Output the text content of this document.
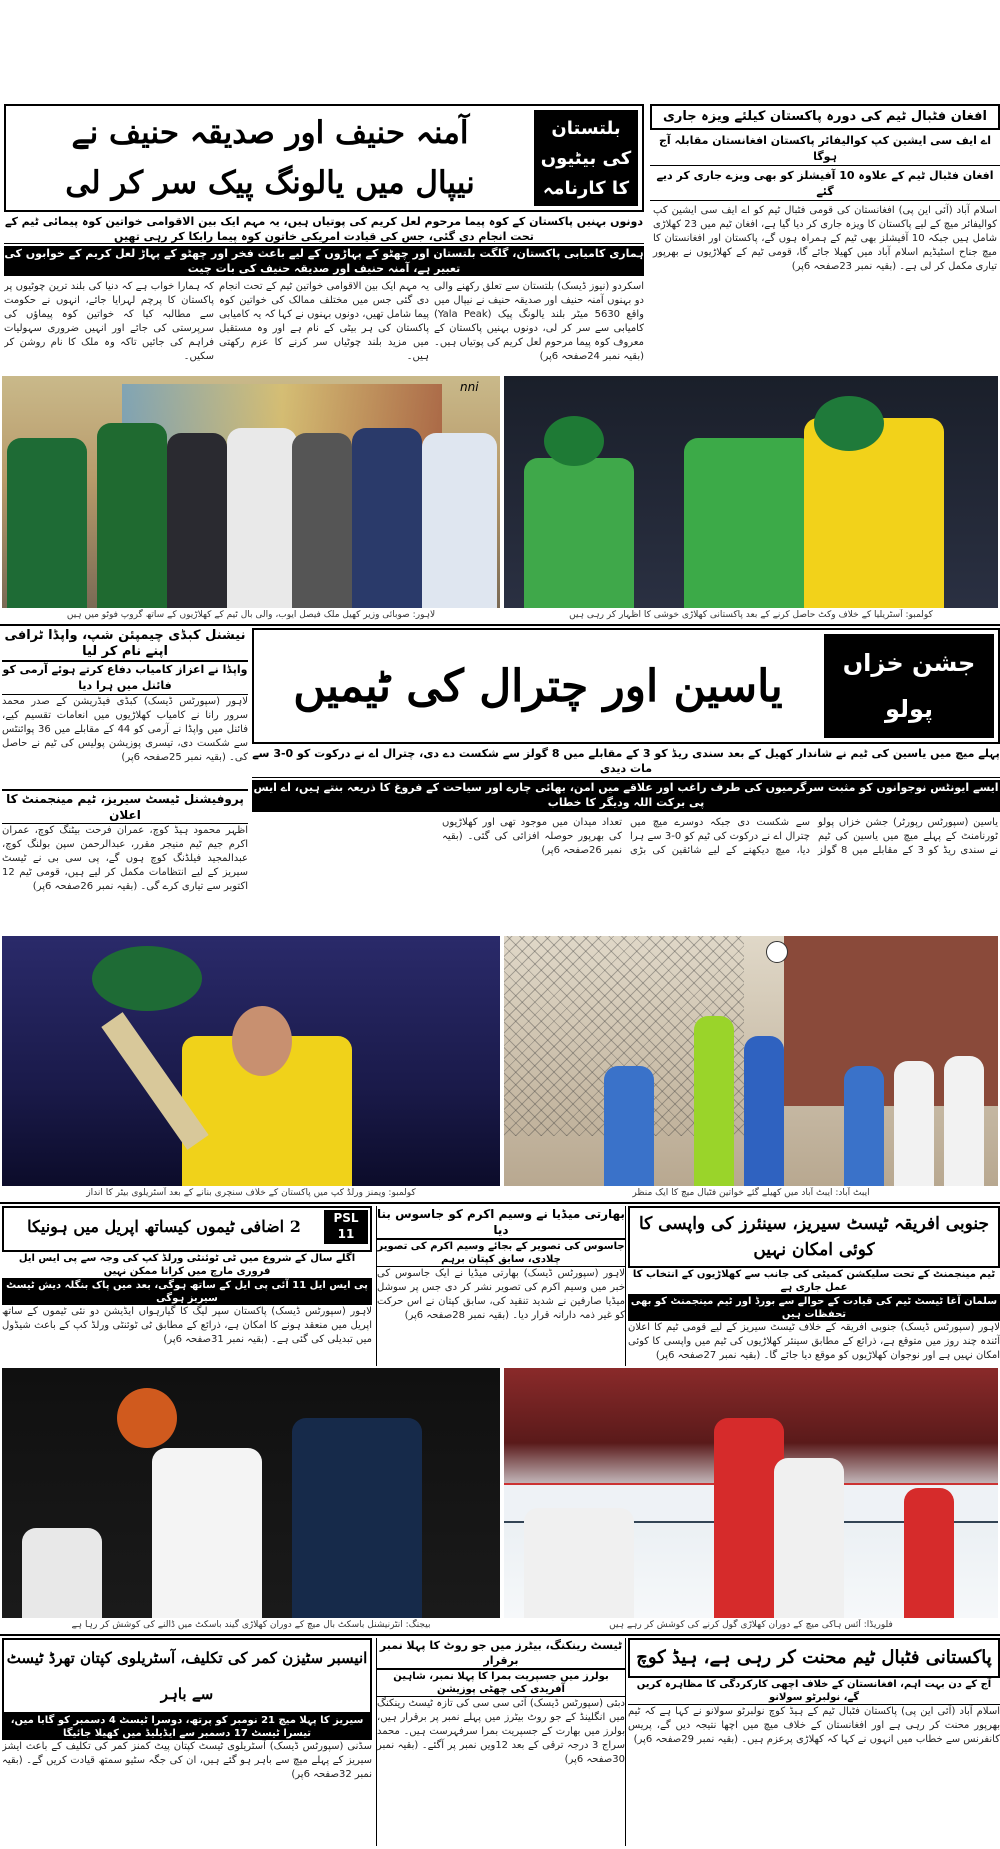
افغان فٹبال ٹیم کی دورہ پاکستان کیلئے ویزہ جاری
اے ایف سی ایشین کپ کوالیفائر پاکستان افغانستان مقابلہ آج ہوگا
افغان فٹبال ٹیم کے علاوہ 10 آفیشلز کو بھی ویزے جاری کر دیے گئے
اسلام آباد (آئی این پی) افغانستان کی قومی فٹبال ٹیم کو اے ایف سی ایشین کپ کوالیفائر میچ کے لیے پاکستان کا ویزہ جاری کر دیا گیا ہے، افغان ٹیم میں 23 کھلاڑی شامل ہیں جبکہ 10 آفیشلز بھی ٹیم کے ہمراہ ہوں گے، پاکستان اور افغانستان کا میچ جناح اسٹیڈیم اسلام آباد میں کھیلا جائے گا، قومی ٹیم کے کھلاڑیوں نے بھرپور تیاری مکمل کر لی ہے۔ (بقیہ نمبر 23صفحہ 6پر)
بلتستان کی بیٹیوں کا کارنامہ
آمنہ حنیف اور صدیقہ حنیف نے
نیپال میں یالونگ پیک سر کر لی
دونوں بہنیں پاکستان کے کوہ پیما مرحوم لعل کریم کی پوتیاں ہیں، یہ مہم ایک بین الاقوامی خواتین کوہ پیمائی ٹیم کے تحت انجام دی گئی، جس کی قیادت امریکی خاتون کوہ پیما رابکا کر رہی تھیں
ہماری کامیابی پاکستان، گلگت بلتستان اور چھٹو کے پہاڑوں کے لیے باعث فخر اور چھٹو کے پہاڑ لعل کریم کے خوابوں کی تعبیر ہے، آمنہ حنیف اور صدیقہ حنیف کی بات چیت
اسکردو (نیوز ڈیسک) بلتستان سے تعلق رکھنے والی دو بہنوں آمنہ حنیف اور صدیقہ حنیف نے نیپال میں واقع 5630 میٹر بلند یالونگ پیک (Yala Peak) کامیابی سے سر کر لی، دونوں بہنیں پاکستان کے معروف کوہ پیما مرحوم لعل کریم کی پوتیاں ہیں۔ (بقیہ نمبر 24صفحہ 6پر)
یہ مہم ایک بین الاقوامی خواتین ٹیم کے تحت انجام دی گئی جس میں مختلف ممالک کی خواتین کوہ پیما شامل تھیں، دونوں بہنوں نے کہا کہ یہ کامیابی پاکستان کی ہر بیٹی کے نام ہے اور وہ مستقبل میں مزید بلند چوٹیاں سر کرنے کا عزم رکھتی ہیں۔
کہ ہمارا خواب ہے کہ دنیا کی بلند ترین چوٹیوں پر پاکستان کا پرچم لہرایا جائے، انہوں نے حکومت سے مطالبہ کیا کہ خواتین کوہ پیماؤں کی سرپرستی کی جائے اور انہیں ضروری سہولیات فراہم کی جائیں تاکہ وہ ملک کا نام روشن کر سکیں۔
nni
لاہور: صوبائی وزیر کھیل ملک فیصل ایوب، والی بال ٹیم کے کھلاڑیوں کے ساتھ گروپ فوٹو میں ہیں	کولمبو: آسٹریلیا کے خلاف وکٹ حاصل کرنے کے بعد پاکستانی کھلاڑی خوشی کا اظہار کر رہی ہیں
جشن خزاں
پولو
یاسین اور چترال کی ٹیمیں
پہلے میچ میں یاسین کی ٹیم نے شاندار کھیل کے بعد سندی ریڈ کو 3 کے مقابلے میں 8 گولز سے شکست دے دی، چترال اے نے درکوت کو 0-3 سے مات دیدی
ایسے ایونٹس نوجوانوں کو مثبت سرگرمیوں کی طرف راغب اور علاقے میں امن، بھائی چارے اور سیاحت کے فروغ کا ذریعہ بنتے ہیں، اے ایس پی برکت اللہ ودیگر کا خطاب
یاسین (سپورٹس رپورٹر) جشن خزاں پولو ٹورنامنٹ کے پہلے میچ میں یاسین کی ٹیم نے سندی ریڈ کو 3 کے مقابلے میں 8 گولز سے شکست دی جبکہ دوسرے میچ میں چترال اے نے درکوت کی ٹیم کو 0-3 سے ہرا دیا، میچ دیکھنے کے لیے شائقین کی بڑی تعداد میدان میں موجود تھی اور کھلاڑیوں کی بھرپور حوصلہ افزائی کی گئی۔ (بقیہ نمبر 26صفحہ 6پر)
نیشنل کبڈی چیمپئن شپ، واپڈا ٹرافی اپنے نام کر لیا
واپڈا نے اعزاز کامیاب دفاع کرتے ہوئے آرمی کو فائنل میں ہرا دیا
لاہور (سپورٹس ڈیسک) کبڈی فیڈریشن کے صدر محمد سرور رانا نے کامیاب کھلاڑیوں میں انعامات تقسیم کیے، فائنل میں واپڈا نے آرمی کو 44 کے مقابلے میں 36 پوائنٹس سے شکست دی، تیسری پوزیشن پولیس کی ٹیم نے حاصل کی۔ (بقیہ نمبر 25صفحہ 6پر)
پروفیشنل ٹیسٹ سیریز، ٹیم مینجمنٹ کا اعلان
اظہر محمود ہیڈ کوچ، عمران فرحت بیٹنگ کوچ، عمران اکرم جیم ٹیم منیجر مقرر، عبدالرحمن سپن بولنگ کوچ، عبدالمجید فیلڈنگ کوچ ہوں گے، پی سی بی نے ٹیسٹ سیریز کے لیے انتظامات مکمل کر لیے ہیں، قومی ٹیم 12 اکتوبر سے تیاری کرے گی۔ (بقیہ نمبر 26صفحہ 6پر)
کولمبو: ویمنز ورلڈ کپ میں پاکستان کے خلاف سنچری بنانے کے بعد آسٹریلوی بیٹر کا انداز	ایبٹ آباد: ایبٹ آباد میں کھیلے گئے خواتین فٹبال میچ کا ایک منظر
جنوبی افریقہ ٹیسٹ سیریز، سینئرز کی واپسی کا کوئی امکان نہیں
ٹیم مینجمنٹ کے تحت سلیکشن کمیٹی کی جانب سے کھلاڑیوں کے انتخاب کا عمل جاری ہے
سلمان آغا ٹیسٹ ٹیم کی قیادت کے حوالے سے بورڈ اور ٹیم مینجمنٹ کو بھی تحفظات ہیں
لاہور (سپورٹس ڈیسک) جنوبی افریقہ کے خلاف ٹیسٹ سیریز کے لیے قومی ٹیم کا اعلان آئندہ چند روز میں متوقع ہے، ذرائع کے مطابق سینئر کھلاڑیوں کی ٹیم میں واپسی کا کوئی امکان نہیں ہے اور نوجوان کھلاڑیوں کو موقع دیا جائے گا۔ (بقیہ نمبر 27صفحہ 6پر)
بھارتی میڈیا نے وسیم اکرم کو جاسوس بنا دیا
جاسوس کی تصویر کے بجائے وسیم اکرم کی تصویر چلادی، سابق کپتان برہم
لاہور (سپورٹس ڈیسک) بھارتی میڈیا نے ایک جاسوس کی خبر میں وسیم اکرم کی تصویر نشر کر دی جس پر سوشل میڈیا صارفین نے شدید تنقید کی، سابق کپتان نے اس حرکت کو غیر ذمہ دارانہ قرار دیا۔ (بقیہ نمبر 28صفحہ 6پر)
PSL 11
2 اضافی ٹیموں کیساتھ اپریل میں ہونیکا
اگلے سال کے شروع میں ٹی ٹوئنٹی ورلڈ کپ کی وجہ سے پی ایس ایل فروری مارچ میں کرانا ممکن نہیں
پی ایس ایل 11 آئی پی ایل کے ساتھ ہوگی، بعد میں پاک بنگلہ دیش ٹیسٹ سیریز ہوگی
لاہور (سپورٹس ڈیسک) پاکستان سپر لیگ کا گیارہواں ایڈیشن دو نئی ٹیموں کے ساتھ اپریل میں منعقد ہونے کا امکان ہے، ذرائع کے مطابق ٹی ٹوئنٹی ورلڈ کپ کے باعث شیڈول میں تبدیلی کی گئی ہے۔ (بقیہ نمبر 31صفحہ 6پر)
بیجنگ: انٹرنیشنل باسکٹ بال میچ کے دوران کھلاڑی گیند باسکٹ میں ڈالنے کی کوشش کر رہا ہے	فلوریڈا: آئس ہاکی میچ کے دوران کھلاڑی گول کرنے کی کوشش کر رہے ہیں
پاکستانی فٹبال ٹیم محنت کر رہی ہے، ہیڈ کوچ
آج کے دن بہت اہم، افغانستان کے خلاف اچھی کارکردگی کا مظاہرہ کریں گے، نولبرٹو سولانو
اسلام آباد (آئی این پی) پاکستان فٹبال ٹیم کے ہیڈ کوچ نولبرٹو سولانو نے کہا ہے کہ ٹیم بھرپور محنت کر رہی ہے اور افغانستان کے خلاف میچ میں اچھا نتیجہ دیں گے، پریس کانفرنس سے خطاب میں انہوں نے کہا کہ کھلاڑی پرعزم ہیں۔ (بقیہ نمبر 29صفحہ 6پر)
ٹیسٹ رینکنگ، بیٹرز میں جو روٹ کا پہلا نمبر برقرار
بولرز میں جسپریت بمرا کا پہلا نمبر، شاہین آفریدی کی چھٹی پوزیشن
دبئی (سپورٹس ڈیسک) آئی سی سی کی تازہ ٹیسٹ رینکنگ میں انگلینڈ کے جو روٹ بیٹرز میں پہلے نمبر پر برقرار ہیں، بولرز میں بھارت کے جسپریت بمرا سرفہرست ہیں۔ محمد سراج 3 درجہ ترقی کے بعد 12ویں نمبر پر آگئے۔ (بقیہ نمبر 30صفحہ 6پر)
انیسبر سٹیزن کمر کی تکلیف، آسٹریلوی کپتان تھرڈ ٹیسٹ سے باہر
سیریز کا پہلا میچ 21 نومبر کو پرتھ، دوسرا ٹیسٹ 4 دسمبر کو گابا میں، تیسرا ٹیسٹ 17 دسمبر سے ایڈیلیڈ میں کھیلا جائیگا
سڈنی (سپورٹس ڈیسک) آسٹریلوی ٹیسٹ کپتان پیٹ کمنز کمر کی تکلیف کے باعث ایشز سیریز کے پہلے میچ سے باہر ہو گئے ہیں، ان کی جگہ سٹیو سمتھ قیادت کریں گے۔ (بقیہ نمبر 32صفحہ 6پر)
